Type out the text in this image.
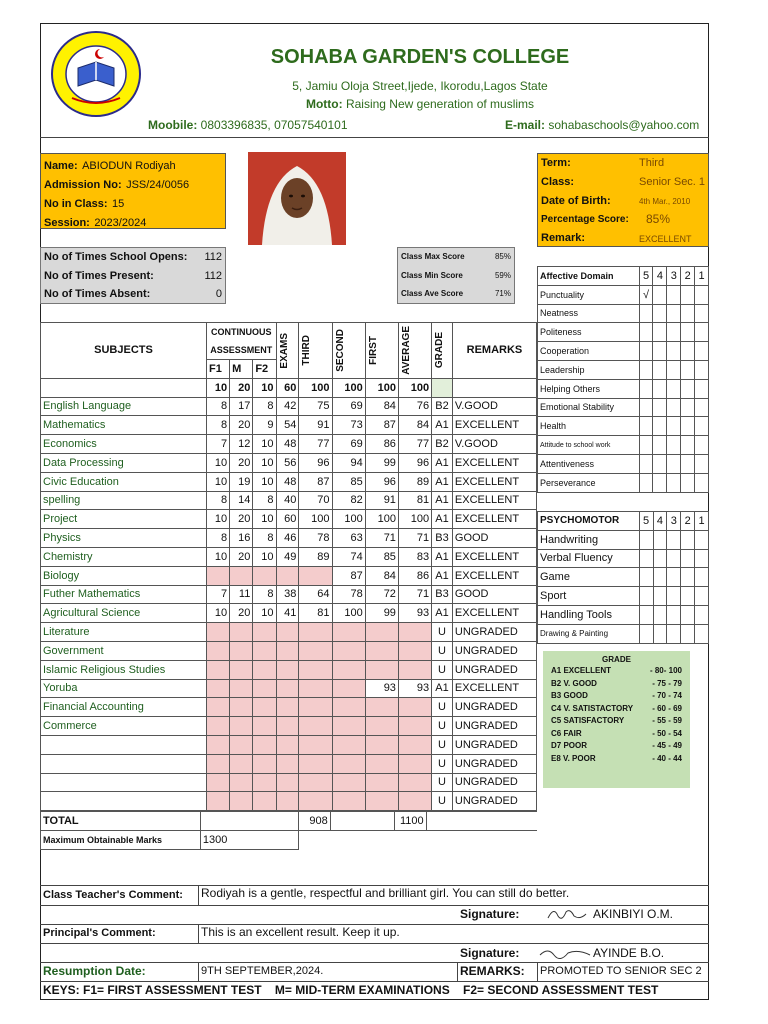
SOHABA GARDEN'S COLLEGE
5, Jamiu Oloja Street,Ijede, Ikorodu,Lagos State
Motto: Raising New generation of muslims
Moobile: 0803396835, 07057540101	E-mail: sohabaschools@yahoo.com
Name: ABIODUN Rodiyah
Admission No: JSS/24/0056
No in Class: 15
Session: 2023/2024
Term:	Third
Class:	Senior Sec. 1
Date of Birth:	4th Mar., 2010
Percentage Score: 85%
Remark:	EXCELLENT
No of Times School Opens: 112
No of Times Present:	112
No of Times Absent:	0
Class Max Score	85%
Class Min Score	59%
Class Ave Score	71%
SUBJECTS	CONTINUOUS ASSESSMENT			EXAMS	THIRD	SECOND	FIRST	AVERAGE	GRADE	REMARKS

	F1	M	F2							
	10	20	10	60	100	100	100	100		
English Language	8	17	8	42	75	69	84	76	B2	V.GOOD
Mathematics	8	20	9	54	91	73	87	84	A1	EXCELLENT
Economics	7	12	10	48	77	69	86	77	B2	V.GOOD
Data Processing	10	20	10	56	96	94	99	96	A1	EXCELLENT
Civic Education	10	19	10	48	87	85	96	89	A1	EXCELLENT
spelling	8	14	8	40	70	82	91	81	A1	EXCELLENT
Project	10	20	10	60	100	100	100	100	A1	EXCELLENT
Physics	8	16	8	46	78	63	71	71	B3	GOOD
Chemistry	10	20	10	49	89	74	85	83	A1	EXCELLENT
Biology						87	84	86	A1	EXCELLENT
Futher Mathematics	7	11	8	38	64	78	72	71	B3	GOOD
Agricultural Science	10	20	10	41	81	100	99	93	A1	EXCELLENT
Literature									U	UNGRADED
Government									U	UNGRADED
Islamic Religious Studies									U	UNGRADED
Yoruba							93	93	A1	EXCELLENT
Financial Accounting									U	UNGRADED
Commerce									U	UNGRADED
									U	UNGRADED
									U	UNGRADED
									U	UNGRADED
									U	UNGRADED
Affective Domain	5	4	3	2	1
Punctuality	√				
Neatness					
Politeness					
Cooperation					
Leadership					
Helping Others					
Emotional Stability					
Health					
Attitude to school work					
Attentiveness					
Perseverance					
PSYCHOMOTOR	5	4	3	2	1
Handwriting					
Verbal Fluency					
Game					
Sport					
Handling Tools					
Drawing & Painting					
GRADE
A1 EXCELLENT	- 80- 100
B2 V. GOOD	- 75 - 79
B3 GOOD	- 70 - 74
C4 V. SATISTACTORY - 60 - 69
C5 SATISFACTORY	- 55 - 59
C6 FAIR	- 50 - 54
D7 POOR	- 45 - 49
E8 V. POOR	- 40 - 44
TOTAL		908		1100	
Maximum Obtainable Marks	1300				
Class Teacher's Comment: Rodiyah is a gentle, respectful and brilliant girl. You can still do better.
Signature:	AKINBIYI O.M.
Principal's Comment:	This is an excellent result. Keep it up.
Signature:	AYINDE B.O.
Resumption Date:	9TH SEPTEMBER,2024.	REMARKS: PROMOTED TO SENIOR SEC 2
KEYS: F1= FIRST ASSESSMENT TEST    M= MID-TERM EXAMINATIONS    F2= SECOND ASSESSMENT TEST
